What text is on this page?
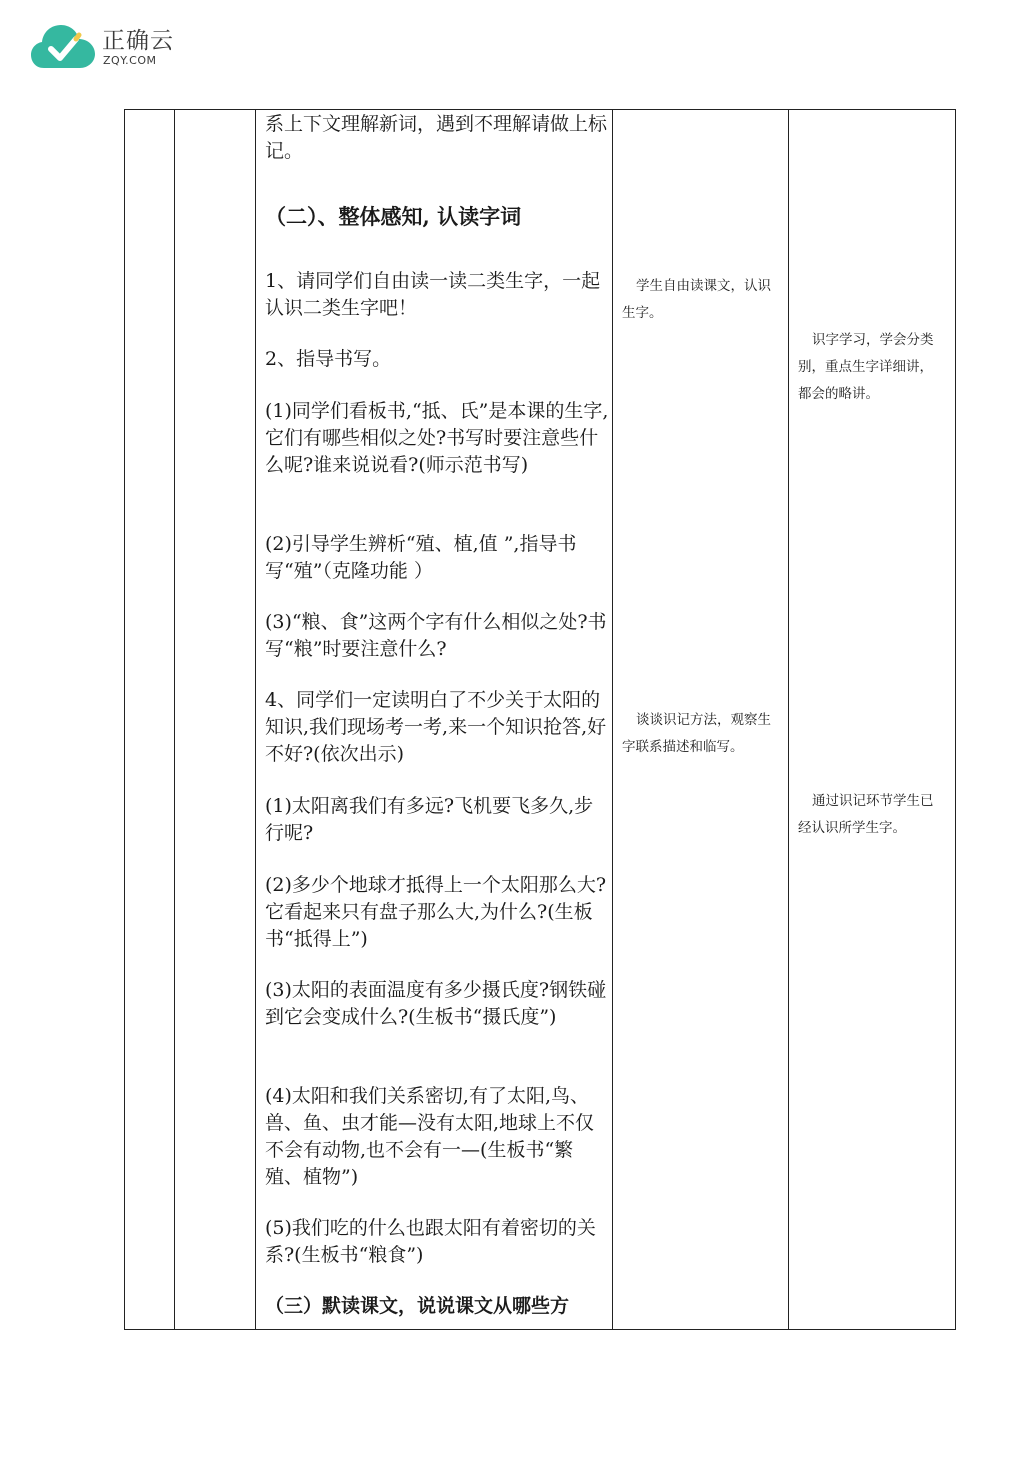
正确云
ZQY.COM

系上下文理解新词，遇到不理解请做上标记。

（二）、整体感知, 认读字词

1、请同学们自由读一读二类生字，一起认识二类生字吧！

2、指导书写。

(1)同学们看板书,“抵、氏”是本课的生字,它们有哪些相似之处?书写时要注意些什么呢?谁来说说看?(师示范书写)

(2)引导学生辨析“殖、植,值 ”,指导书写“殖”（克隆功能 ）

(3)“粮、食”这两个字有什么相似之处?书写“粮”时要注意什么?

4、同学们一定读明白了不少关于太阳的知识,我们现场考一考,来一个知识抢答,好不好?(依次出示)

(1)太阳离我们有多远?飞机要飞多久,步行呢?

(2)多少个地球才抵得上一个太阳那么大?它看起来只有盘子那么大,为什么?(生板书“抵得上”)

(3)太阳的表面温度有多少摄氏度?钢铁碰到它会变成什么?(生板书“摄氏度”)

(4)太阳和我们关系密切,有了太阳,鸟、兽、鱼、虫才能—没有太阳,地球上不仅不会有动物,也不会有一—(生板书“繁殖、植物”)

(5)我们吃的什么也跟太阳有着密切的关系?(生板书“粮食”)

（三）默读课文，说说课文从哪些方

学生自由读课文，认识生字。

谈谈识记方法，观察生字联系描述和临写。

识字学习，学会分类别，重点生字详细讲，都会的略讲。

通过识记环节学生已经认识所学生字。
